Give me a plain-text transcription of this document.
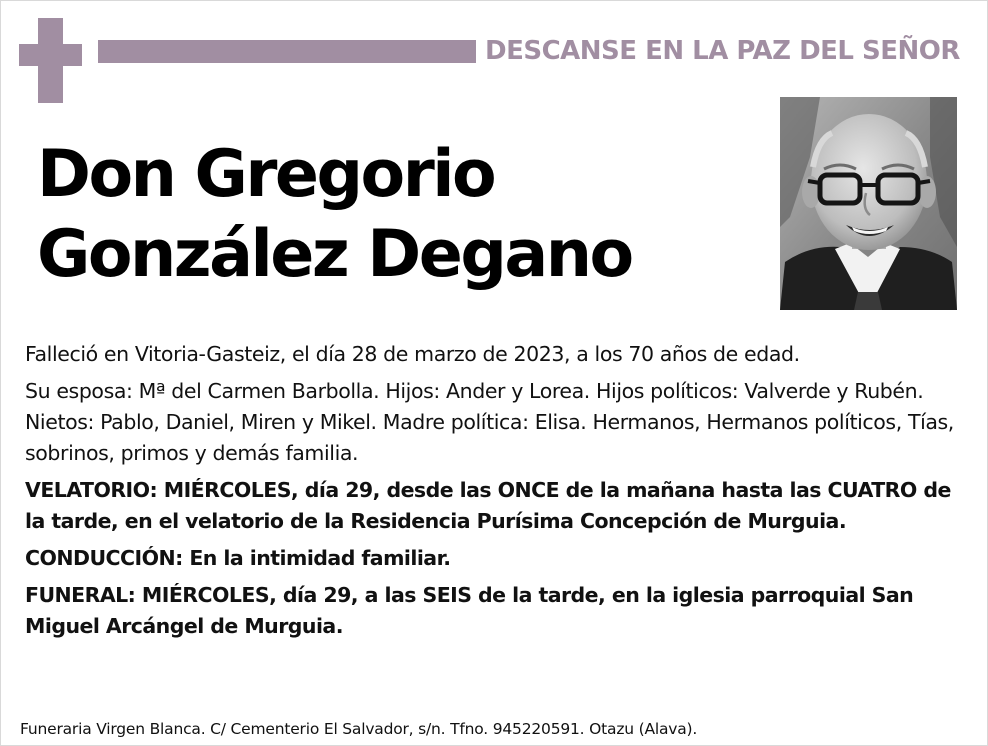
DESCANSE EN LA PAZ DEL SEÑOR
Don Gregorio
González Degano

Falleció en Vitoria-Gasteiz, el día 28 de marzo de 2023, a los 70 años de edad.

Su esposa: Mª del Carmen Barbolla. Hijos: Ander y Lorea. Hijos políticos: Valverde y Rubén. Nietos: Pablo, Daniel, Miren y Mikel. Madre política: Elisa. Hermanos, Hermanos políticos, Tías, sobrinos, primos y demás familia.

VELATORIO: MIÉRCOLES, día 29, desde las ONCE de la mañana hasta las CUATRO de la tarde, en el velatorio de la Residencia Purísima Concepción de Murguia.

CONDUCCIÓN: En la intimidad familiar.

FUNERAL: MIÉRCOLES, día 29, a las SEIS de la tarde, en la iglesia parroquial San Miguel Arcángel de Murguia.

Funeraria Virgen Blanca. C/ Cementerio El Salvador, s/n. Tfno. 945220591. Otazu (Alava).
